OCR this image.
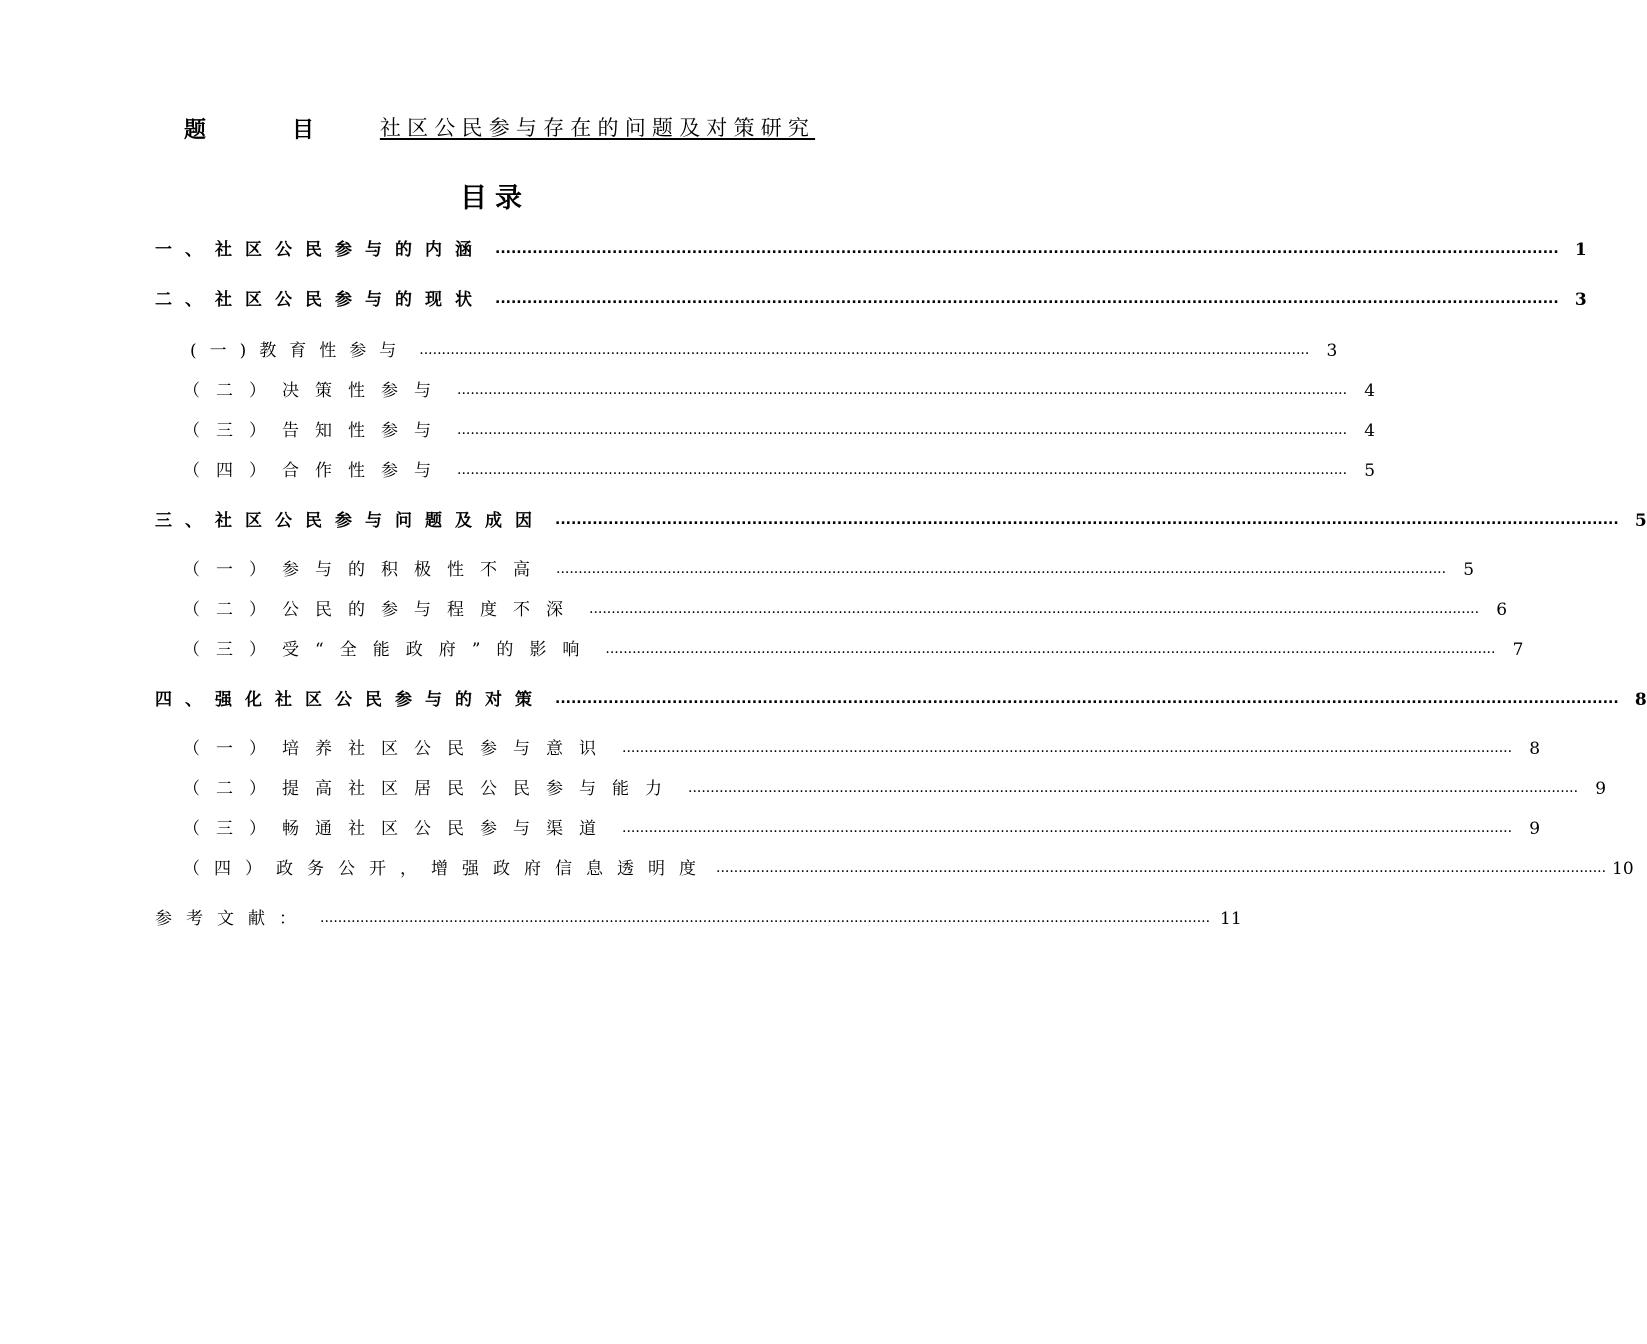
题	目	社区公民参与存在的问题及对策研究
目录
一、社区公民参与的内涵 ........................................................................................................................................................................................................ 1
二、社区公民参与的现状 ........................................................................................................................................................................................................ 3
(一)教育性参与 ........................................................................................................................................................................................................	3
（二）决策性参与 ........................................................................................................................................................................................................	4
（三）告知性参与 ........................................................................................................................................................................................................	4
（四）合作性参与 ........................................................................................................................................................................................................	5
三、社区公民参与问题及成因 ........................................................................................................................................................................................................ 5
（一）参与的积极性不高 ........................................................................................................................................................................................................	5
（二）公民的参与程度不深 ........................................................................................................................................................................................................	6
（三）受“全能政府”的影响 ........................................................................................................................................................................................................	7
四、强化社区公民参与的对策 ........................................................................................................................................................................................................ 8
（一）培养社区公民参与意识 ........................................................................................................................................................................................................	8
（二）提高社区居民公民参与能力 ........................................................................................................................................................................................................	9
（三）畅通社区公民参与渠道 ........................................................................................................................................................................................................	9
（四）政务公开，增强政府信息透明度 ........................................................................................................................................................................................................ 10
参考文献： ........................................................................................................................................................................................................ 11
